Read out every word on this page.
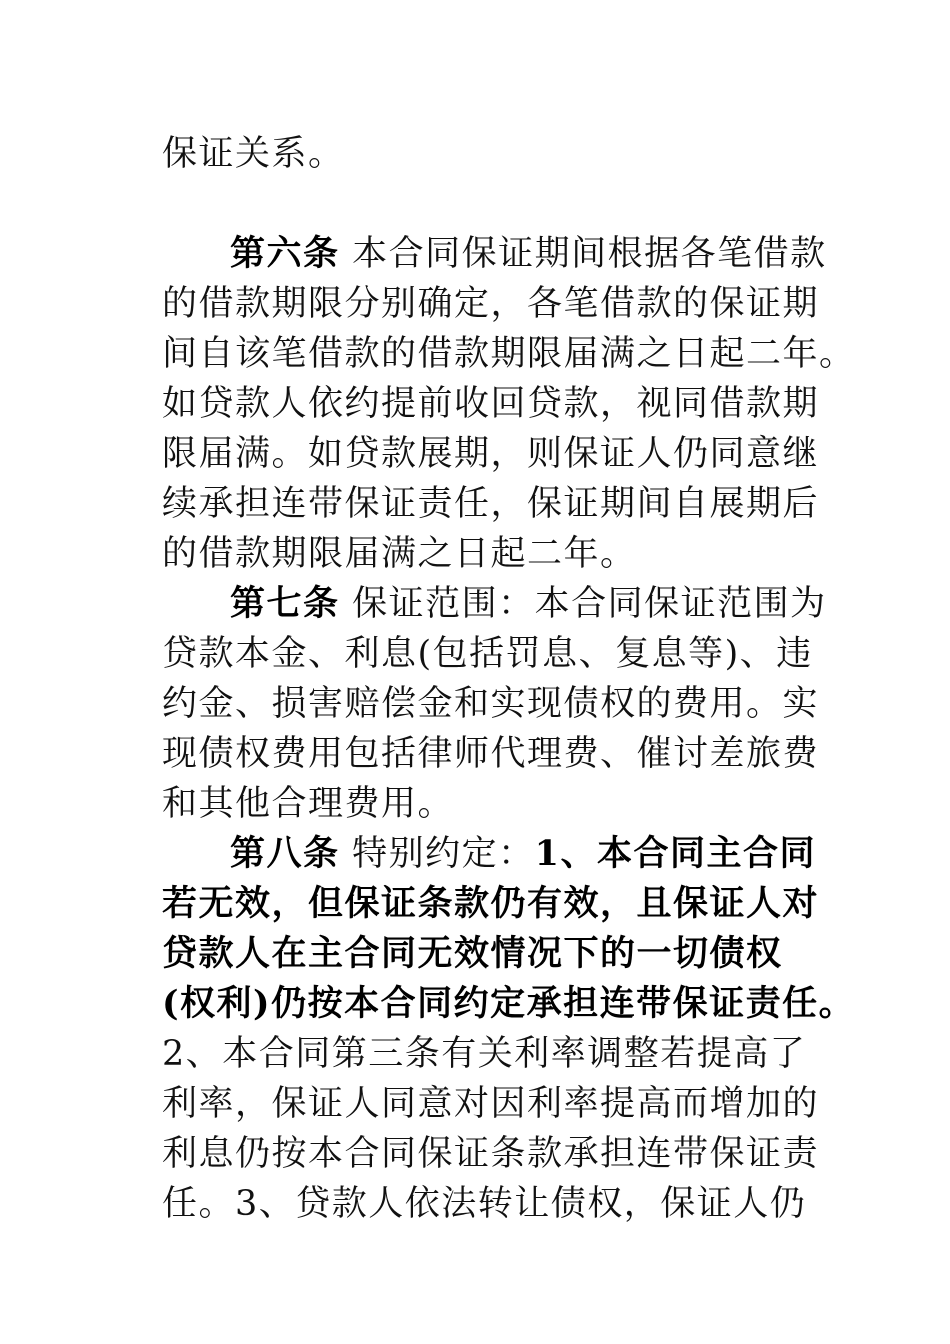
保证关系。
第六条 本合同保证期间根据各笔借款
的借款期限分别确定，各笔借款的保证期
间自该笔借款的借款期限届满之日起二年。
如贷款人依约提前收回贷款，视同借款期
限届满。如贷款展期，则保证人仍同意继
续承担连带保证责任，保证期间自展期后
的借款期限届满之日起二年。
第七条 保证范围：本合同保证范围为
贷款本金、利息(包括罚息、复息等)、违
约金、损害赔偿金和实现债权的费用。实
现债权费用包括律师代理费、催讨差旅费
和其他合理费用。
第八条 特别约定：1、本合同主合同
若无效，但保证条款仍有效，且保证人对
贷款人在主合同无效情况下的一切债权
(权利)仍按本合同约定承担连带保证责任。
2、本合同第三条有关利率调整若提高了
利率，保证人同意对因利率提高而增加的
利息仍按本合同保证条款承担连带保证责
任。3、贷款人依法转让债权，保证人仍
